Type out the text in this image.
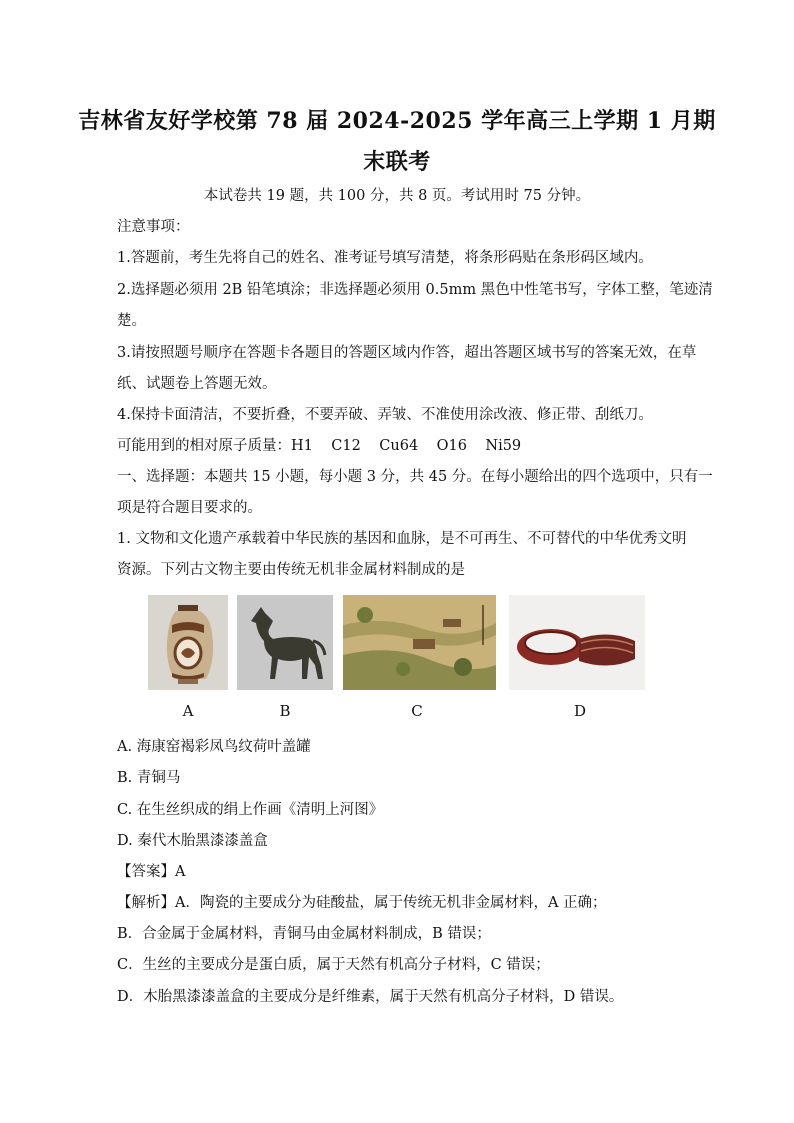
吉林省友好学校第 78 届 2024-2025 学年高三上学期 1 月期
末联考
本试卷共 19 题，共 100 分，共 8 页。考试用时 75 分钟。
注意事项：
1.答题前，考生先将自己的姓名、准考证号填写清楚，将条形码贴在条形码区域内。
2.选择题必须用 2B 铅笔填涂；非选择题必须用 0.5mm 黑色中性笔书写，字体工整，笔迹清
楚。
3.请按照题号顺序在答题卡各题目的答题区域内作答，超出答题区域书写的答案无效，在草
纸、试题卷上答题无效。
4.保持卡面清洁，不要折叠，不要弄破、弄皱、不准使用涂改液、修正带、刮纸刀。
可能用到的相对原子质量：H1    C12    Cu64    O16    Ni59
一、选择题：本题共 15 小题，每小题 3 分，共 45 分。在每小题给出的四个选项中，只有一
项是符合题目要求的。
1. 文物和文化遗产承载着中华民族的基因和血脉，是不可再生、不可替代的中华优秀文明
资源。下列古文物主要由传统无机非金属材料制成的是
A	B	C	D
A. 海康窑褐彩凤鸟纹荷叶盖罐
B. 青铜马
C. 在生丝织成的绢上作画《清明上河图》
D. 秦代木胎黑漆漆盖盒
【答案】A
【解析】A．陶瓷的主要成分为硅酸盐，属于传统无机非金属材料，A 正确；
B．合金属于金属材料，青铜马由金属材料制成，B 错误；
C．生丝的主要成分是蛋白质，属于天然有机高分子材料，C 错误；
D．木胎黑漆漆盖盒的主要成分是纤维素，属于天然有机高分子材料，D 错误。
